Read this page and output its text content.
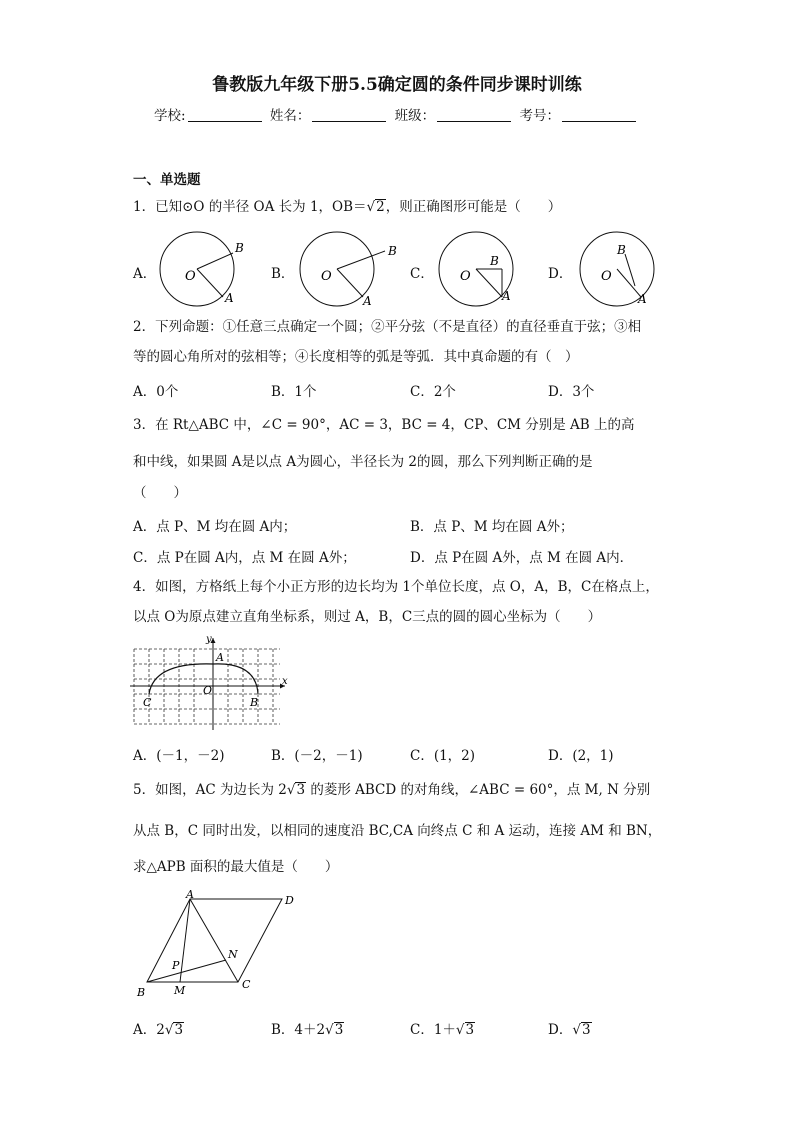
鲁教版九年级下册5.5确定圆的条件同步课时训练
学校:	姓名：	班级：	考号：
一、单选题
1．已知⊙O 的半径 OA 长为 1，OB＝√2，则正确图形可能是（　　）
A．	B．	C．	D．
O
B
A
O
B
A
O
B
A
O
B
A
2．下列命题：①任意三点确定一个圆；②平分弦（不是直径）的直径垂直于弦；③相
等的圆心角所对的弦相等；④长度相等的弧是等弧．其中真命题的有（　）
A．0个	B．1个	C．2个	D．3个
3．在 Rt△ABC 中，∠C = 90°，AC = 3，BC = 4，CP、CM 分别是 AB 上的高
和中线，如果圆 A是以点 A为圆心，半径长为 2的圆，那么下列判断正确的是
（　　）
A．点 P、M 均在圆 A内；	B．点 P、M 均在圆 A外；
C．点 P在圆 A内，点 M 在圆 A外；	D．点 P在圆 A外，点 M 在圆 A内．
4．如图，方格纸上每个小正方形的边长均为 1个单位长度，点 O，A，B，C在格点上，
以点 O为原点建立直角坐标系，则过 A，B，C三点的圆的圆心坐标为（　　）
y
x
O
A
B
C
A．(－1，－2)	B．(－2，－1)	C．(1，2)	D．(2，1)
5．如图，AC 为边长为 2√3 的菱形 ABCD 的对角线，∠ABC = 60°，点 M, N 分别
从点 B，C 同时出发，以相同的速度沿 BC,CA 向终点 C 和 A 运动，连接 AM 和 BN，
求△APB 面积的最大值是（　　）
A	D
B
C
M
N
P
A．2√3	B．4＋2√3	C．1＋√3	D．√3
